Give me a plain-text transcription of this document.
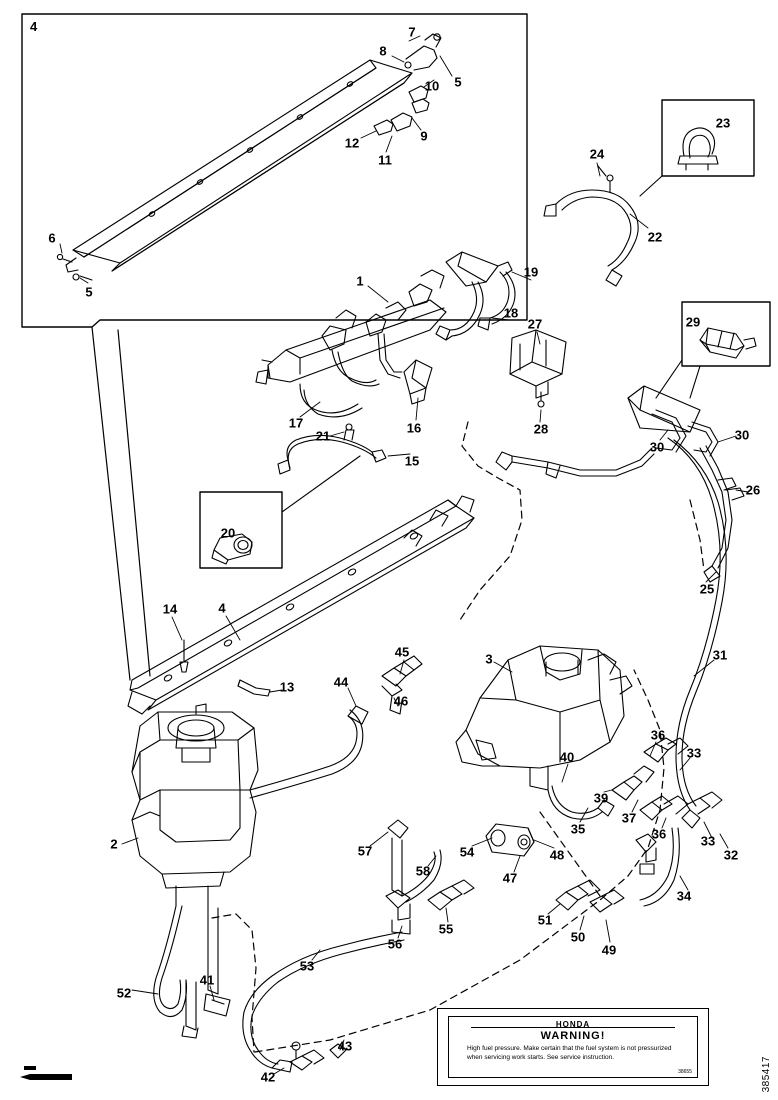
4	7
8
10 5
9
12
11
6
5
23
24
22
19
1
18
27	29
17	16	28
21	30
30
15
26
20
25
14	4
45	3	31
13	44
46
36
33
40
39
37
36	33
35
32
2	57	54	48
58	47
34
51
50
49
56
55
52
41
53
43
42
HONDA
WARNING!
High fuel pressure. Make certain that the fuel system is not pressurized when servicing work starts. See service instruction.
38655	385417
